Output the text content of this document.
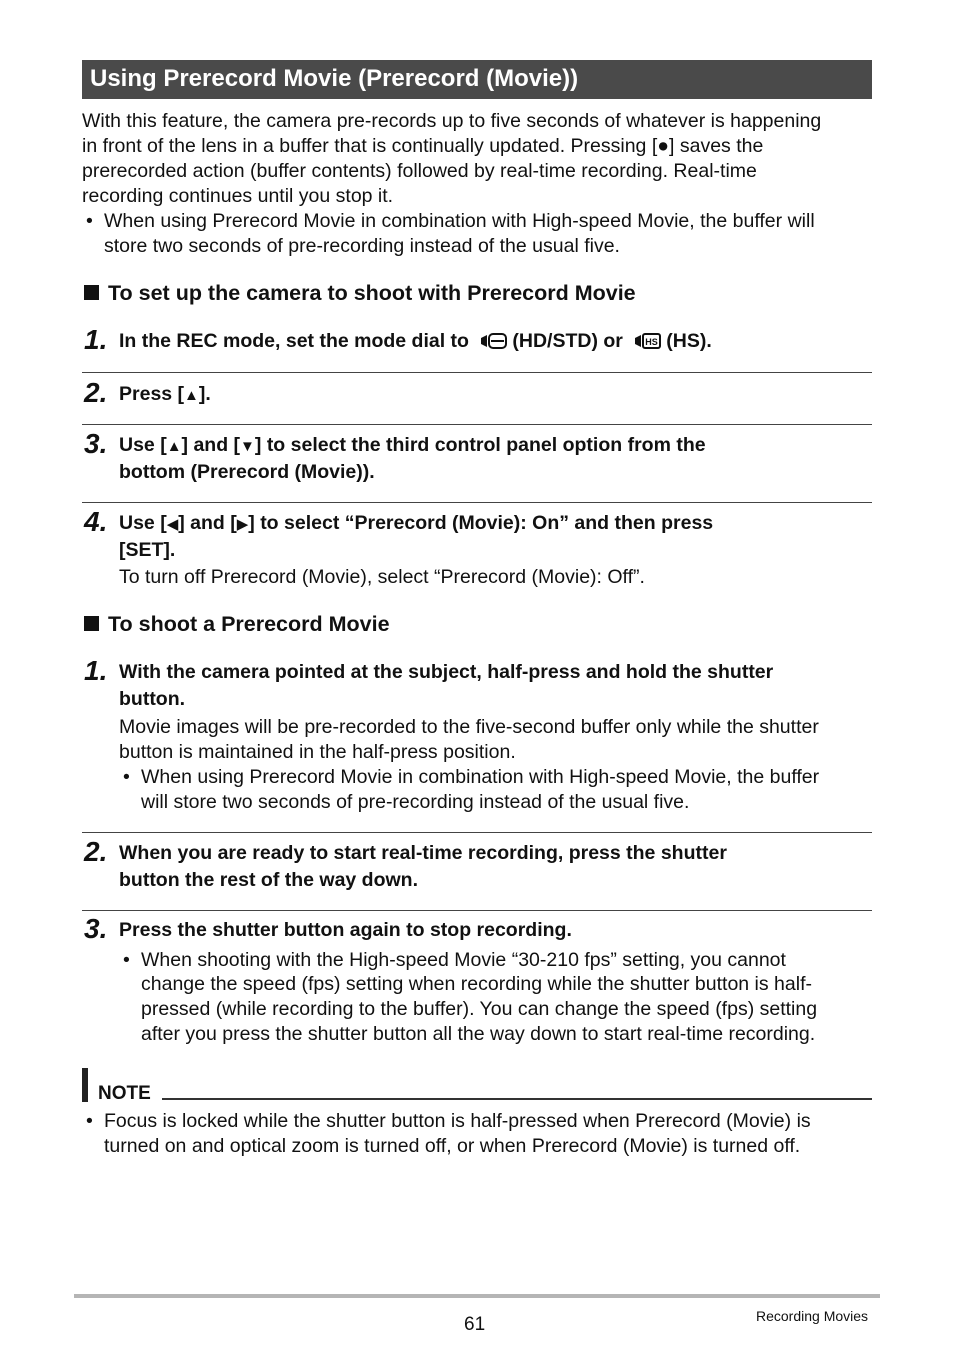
Using Prerecord Movie (Prerecord (Movie))
With this feature, the camera pre-records up to five seconds of whatever is happening
in front of the lens in a buffer that is continually updated. Pressing [●] saves the
prerecorded action (buffer contents) followed by real-time recording. Real-time
recording continues until you stop it.
• When using Prerecord Movie in combination with High-speed Movie, the buffer will
store two seconds of pre-recording instead of the usual five.
To set up the camera to shoot with Prerecord Movie
1. In the REC mode, set the mode dial to (HD/STD) or	HS (HS).
2. Press [▲].
3. Use [▲] and [▼] to select the third control panel option from the
bottom (Prerecord (Movie)).
4. Use [◀] and [▶] to select “Prerecord (Movie): On” and then press
[SET].
To turn off Prerecord (Movie), select “Prerecord (Movie): Off”.
To shoot a Prerecord Movie
1. With the camera pointed at the subject, half-press and hold the shutter
button.
Movie images will be pre-recorded to the five-second buffer only while the shutter
button is maintained in the half-press position.
• When using Prerecord Movie in combination with High-speed Movie, the buffer
will store two seconds of pre-recording instead of the usual five.
2. When you are ready to start real-time recording, press the shutter
button the rest of the way down.
3. Press the shutter button again to stop recording.
• When shooting with the High-speed Movie “30-210 fps” setting, you cannot
change the speed (fps) setting when recording while the shutter button is half-
pressed (while recording to the buffer). You can change the speed (fps) setting
after you press the shutter button all the way down to start real-time recording.
NOTE
• Focus is locked while the shutter button is half-pressed when Prerecord (Movie) is
turned on and optical zoom is turned off, or when Prerecord (Movie) is turned off.
61	Recording Movies
